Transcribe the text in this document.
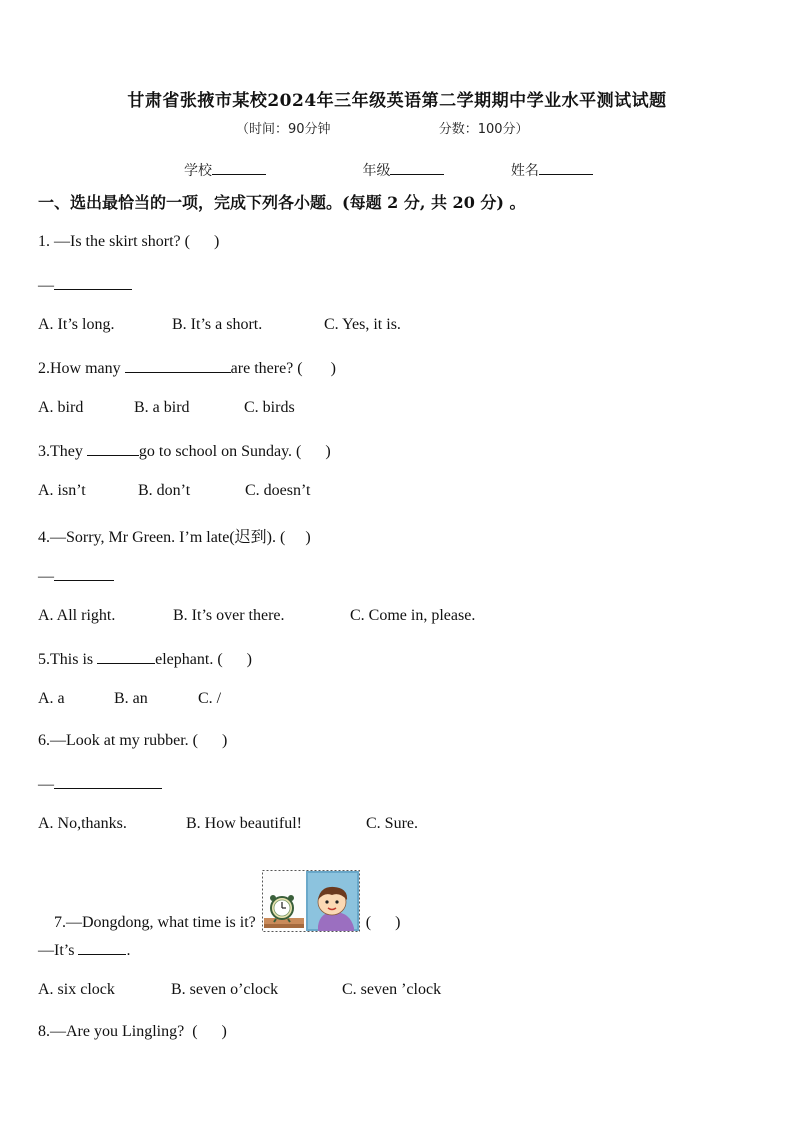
甘肃省张掖市某校2024年三年级英语第二学期期中学业水平测试试题
（时间：90分钟	分数：100分）
学校	年级	姓名
一、选出最恰当的一项，完成下列各小题。(每题 2 分, 共 20 分) 。
1. —Is the skirt short? (      )
—
A. It’s long.	B. It’s a short.	C. Yes, it is.
2.How many	are there? (       )
A. bird	B. a bird	C. birds
3.They	go to school on Sunday. (      )
A. isn’t	B. don’t	C. doesn’t
4.—Sorry, Mr Green. I’m late(迟到). (     )
—
A. All right.	B. It’s over there.	C. Come in, please.
5.This is	elephant. (      )
A. a	B. an	C. /
6.—Look at my rubber. (      )
—
A. No,thanks.	B. How beautiful!	C. Sure.

7.—Dongdong, what time is it?	(      )

—It’s	.
A. six clock	B. seven o’clock	C. seven ’clock
8.—Are you Lingling?  (      )
